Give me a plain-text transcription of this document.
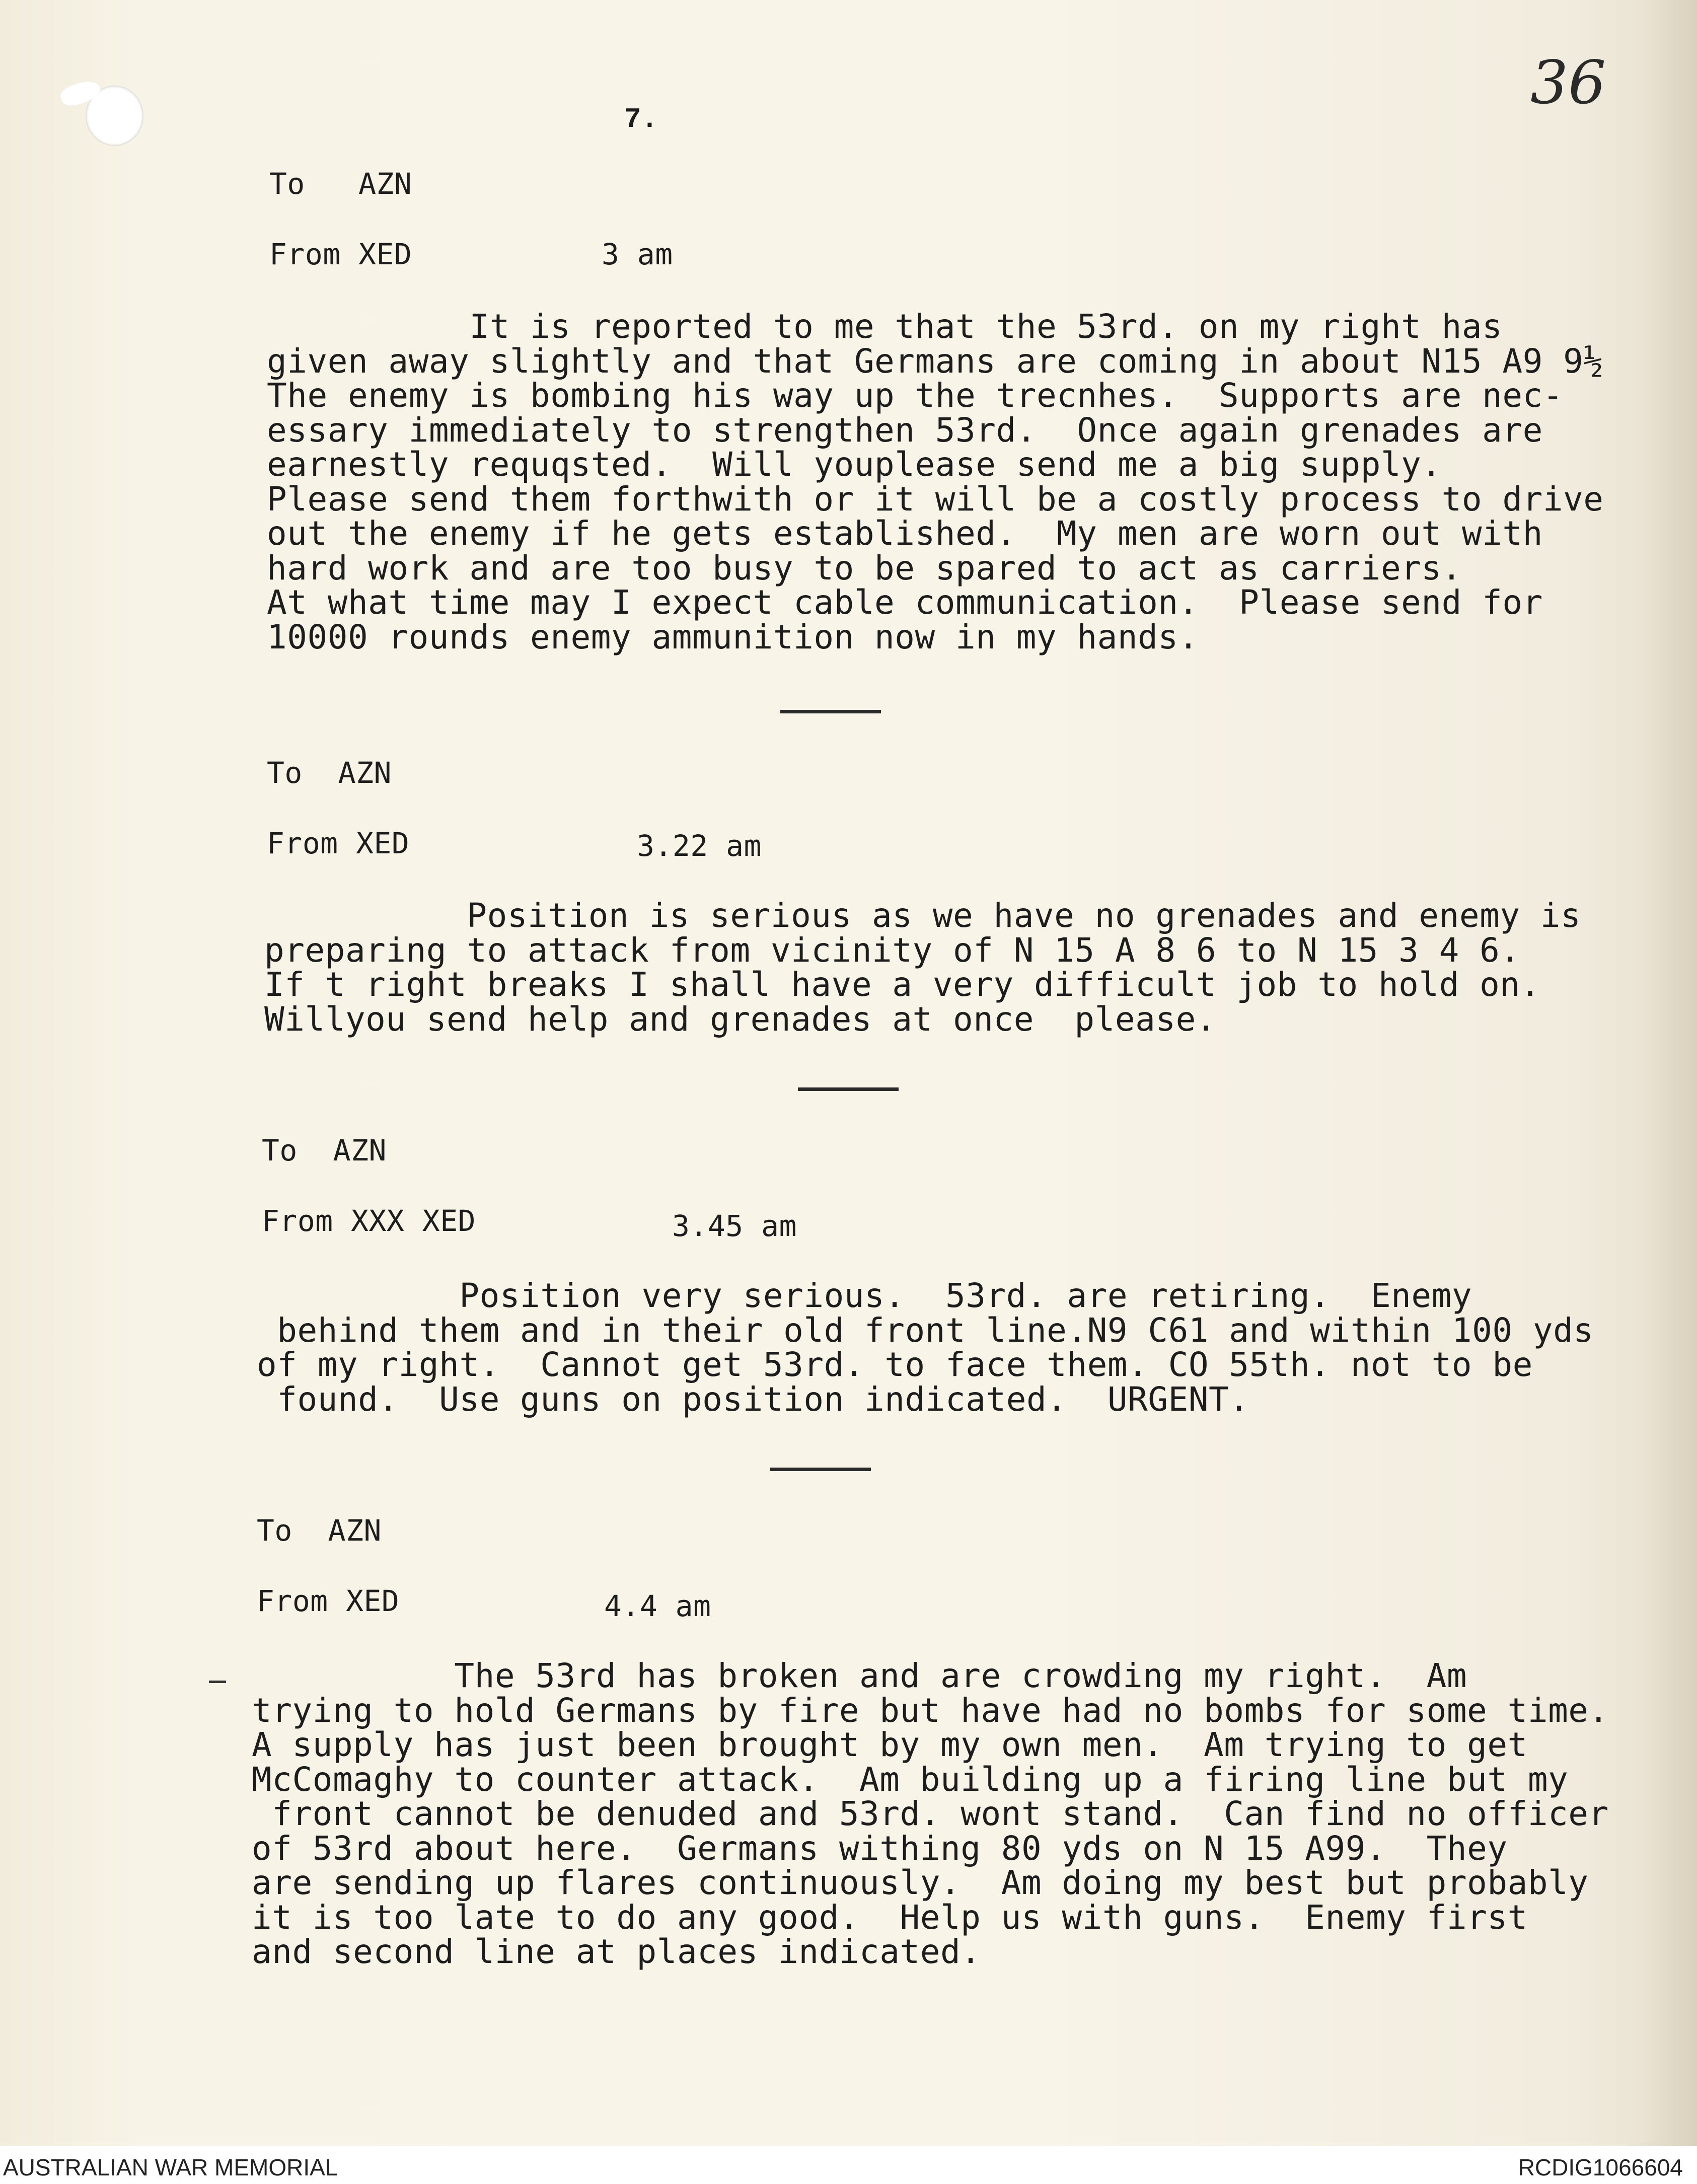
36
7.
To   AZN
From XED	3 am
It is reported to me that the 53rd. on my right has
given away slightly and that Germans are coming in about N15 A9 9½
The enemy is bombing his way up the trecnhes.  Supports are nec-
essary immediately to strengthen 53rd.  Once again grenades are
earnestly requqsted.  Will youplease send me a big supply.
Please send them forthwith or it will be a costly process to drive
out the enemy if he gets established.  My men are worn out with
hard work and are too busy to be spared to act as carriers.
At what time may I expect cable communication.  Please send for
10000 rounds enemy ammunition now in my hands.
To  AZN
From XED	3.22 am
Position is serious as we have no grenades and enemy is
preparing to attack from vicinity of N 15 A 8 6 to N 15 3 4 6.
If t right breaks I shall have a very difficult job to hold on.
Willyou send help and grenades at once  please.
To  AZN
From XXX XED	3.45 am
Position very serious.  53rd. are retiring.  Enemy
behind them and in their old front line.N9 C61 and within 100 yds
of my right.  Cannot get 53rd. to face them. CO 55th. not to be
found.  Use guns on position indicated.  URGENT.
To  AZN
From XED	4.4 am
The 53rd has broken and are crowding my right.  Am
trying to hold Germans by fire but have had no bombs for some time.
A supply has just been brought by my own men.  Am trying to get
McComaghy to counter attack.  Am building up a firing line but my
front cannot be denuded and 53rd. wont stand.  Can find no officer
of 53rd about here.  Germans withing 80 yds on N 15 A99.  They
are sending up flares continuously.  Am doing my best but probably
it is too late to do any good.  Help us with guns.  Enemy first
and second line at places indicated.
AUSTRALIAN WAR MEMORIAL	RCDIG1066604
